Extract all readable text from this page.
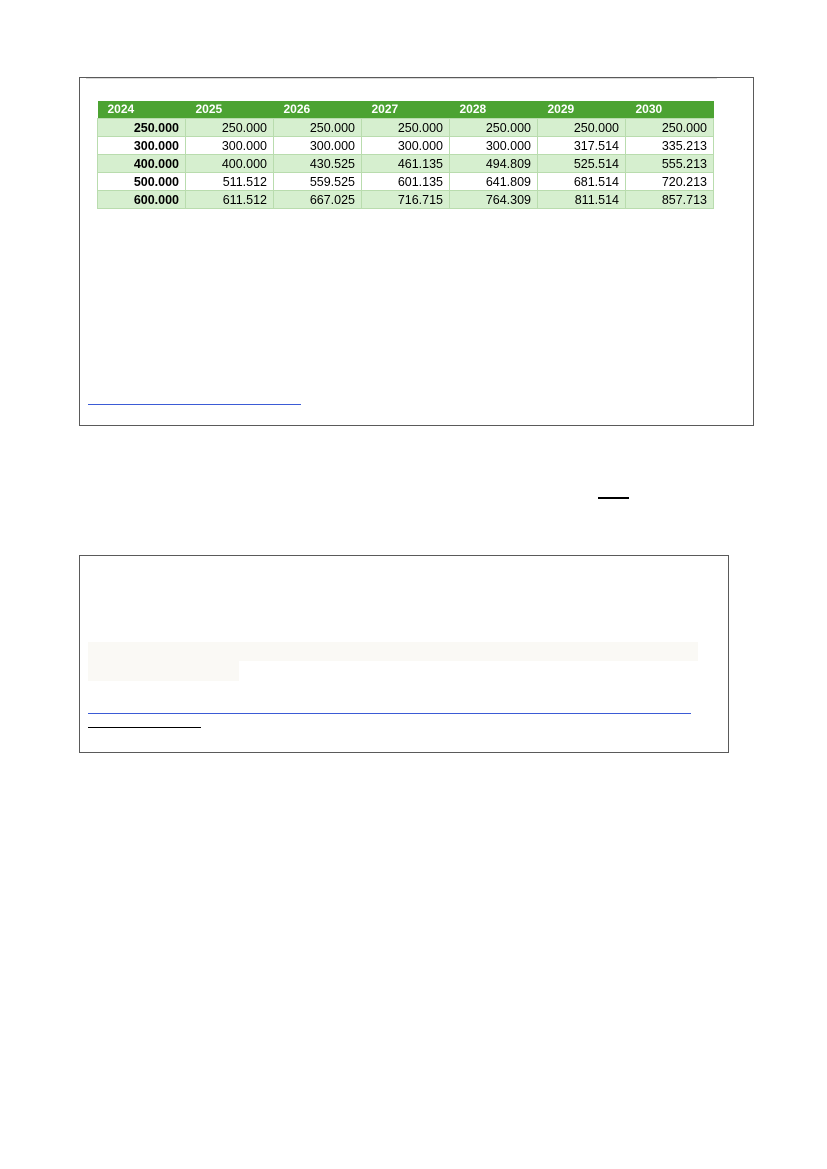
2024	2025	2026	2027	2028	2029	2030
250.000	250.000	250.000	250.000	250.000	250.000	250.000
300.000	300.000	300.000	300.000	300.000	317.514	335.213
400.000	400.000	430.525	461.135	494.809	525.514	555.213
500.000	511.512	559.525	601.135	641.809	681.514	720.213
600.000	611.512	667.025	716.715	764.309	811.514	857.713
